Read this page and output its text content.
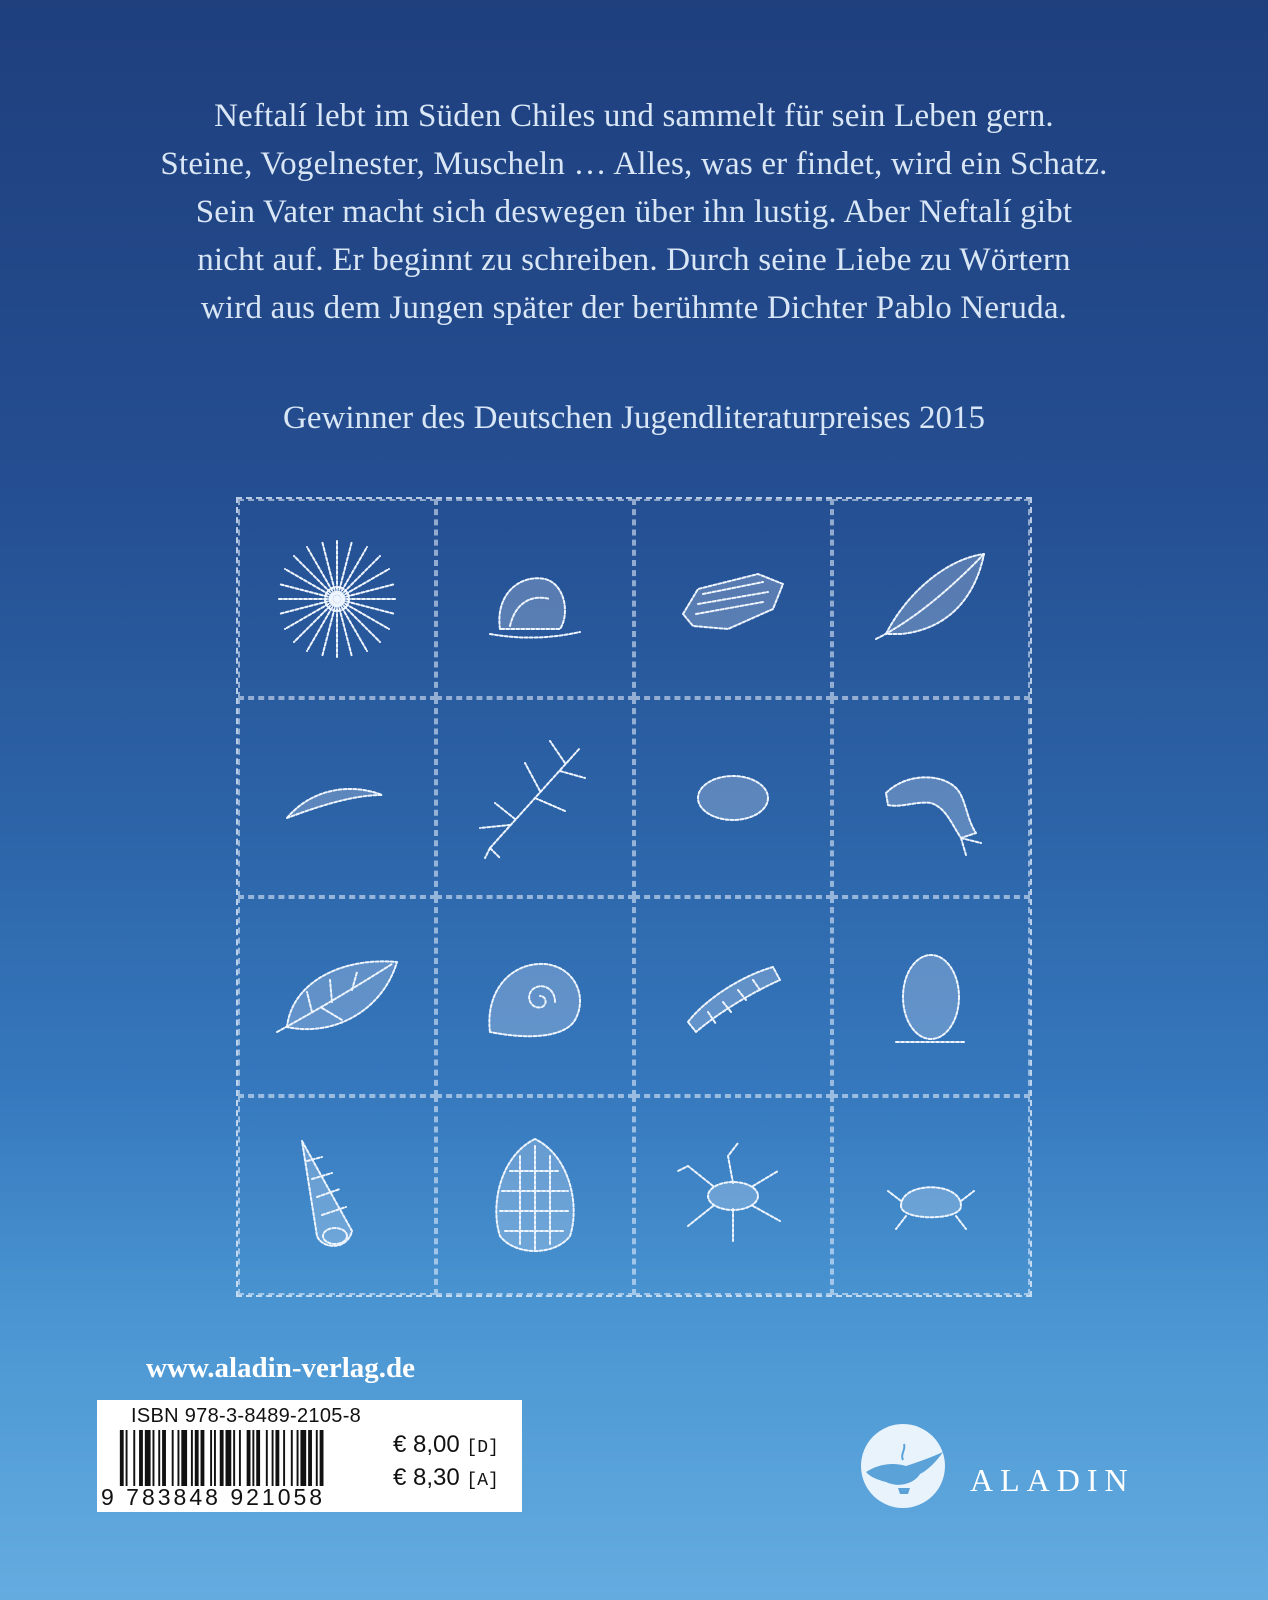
Neftalí lebt im Süden Chiles und sammelt für sein Leben gern.
Steine, Vogelnester, Muscheln … Alles, was er findet, wird ein Schatz.
Sein Vater macht sich deswegen über ihn lustig. Aber Neftalí gibt
nicht auf. Er beginnt zu schreiben. Durch seine Liebe zu Wörtern
wird aus dem Jungen später der berühmte Dichter Pablo Neruda.
Gewinner des Deutschen Jugendliteraturpreises 2015
www.aladin-verlag.de
ISBN 978-3-8489-2105-8
9 783848 921058
€ 8,00 [D]
€ 8,30 [A]	ALADIN
